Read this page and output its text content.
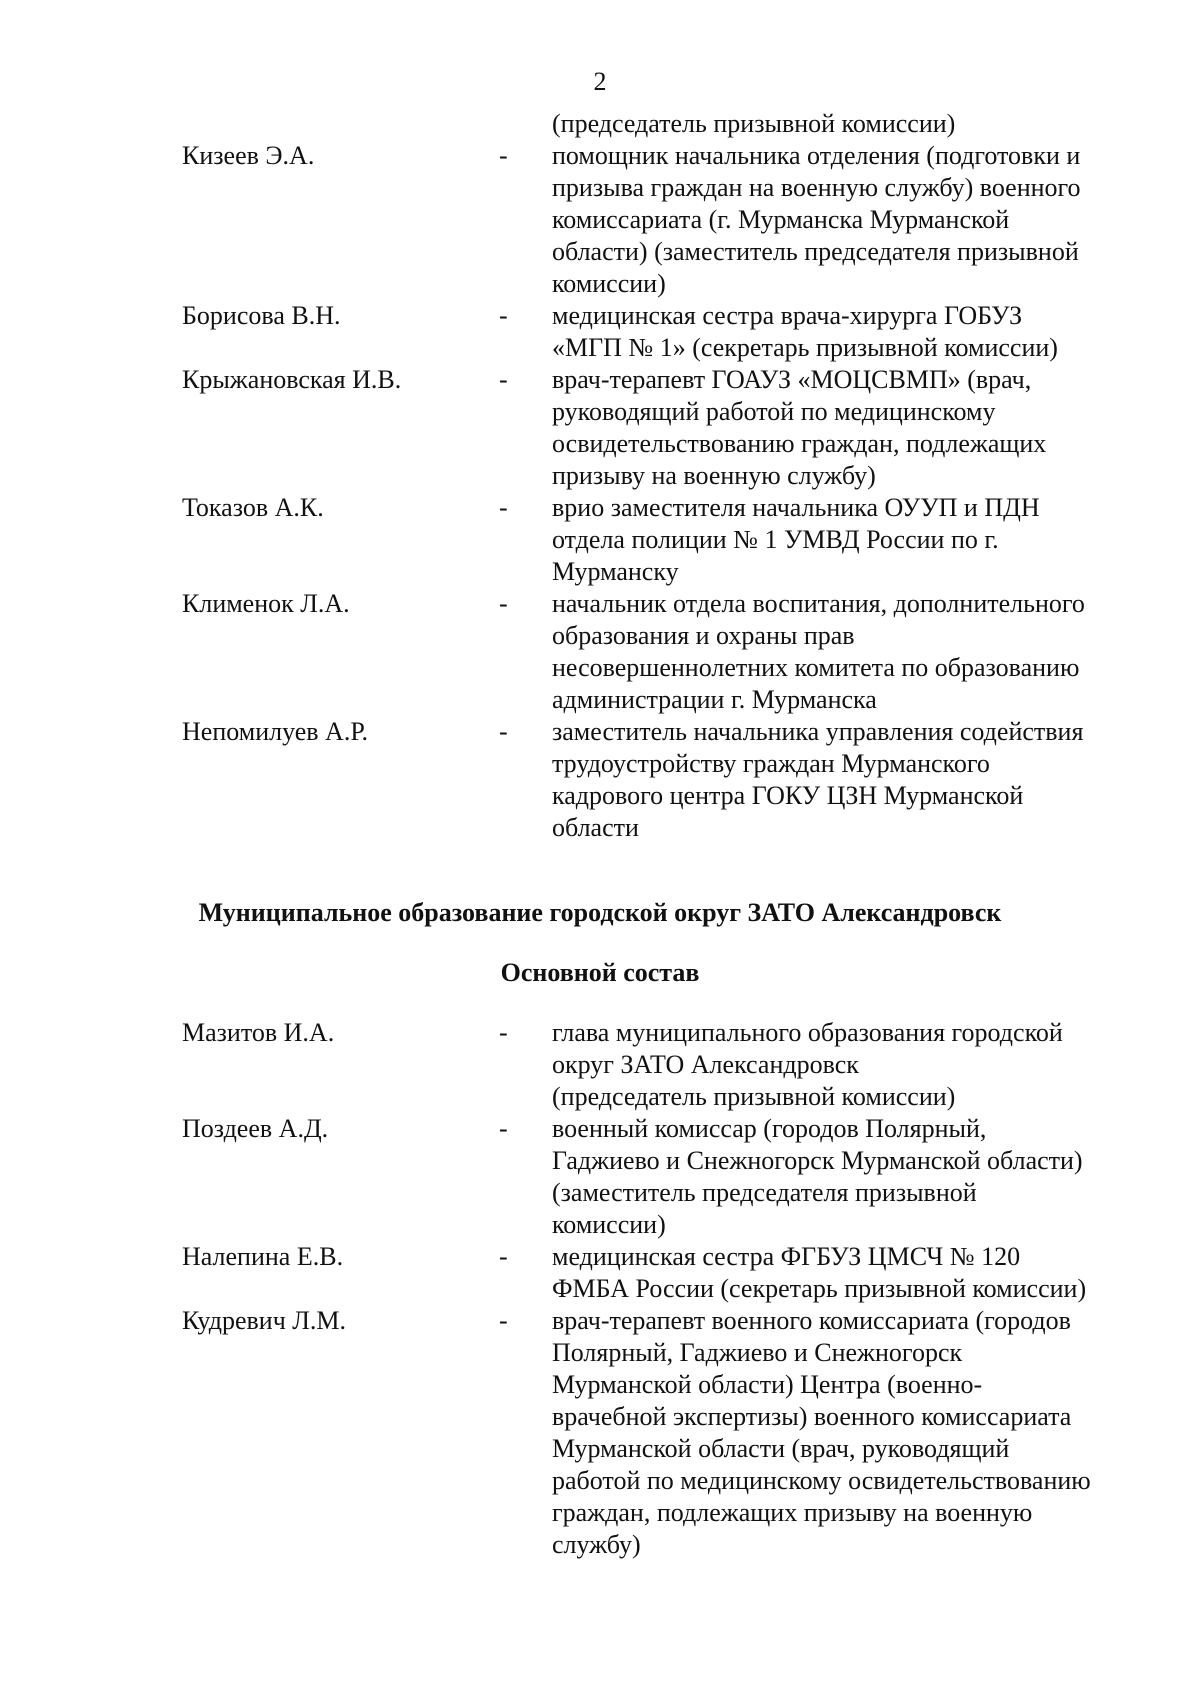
2
(председатель призывной комиссии)
Кизеев Э.А.	- помощник начальника отделения (подготовки и
призыва граждан на военную службу) военного
комиссариата (г. Мурманска Мурманской
области) (заместитель председателя призывной
комиссии)
Борисова В.Н.	- медицинская сестра врача-хирурга ГОБУЗ
«МГП № 1» (секретарь призывной комиссии)
Крыжановская И.В.	- врач-терапевт ГОАУЗ «МОЦСВМП» (врач,
руководящий работой по медицинскому
освидетельствованию граждан, подлежащих
призыву на военную службу)
Токазов А.К.	- врио заместителя начальника ОУУП и ПДН
отдела полиции № 1 УМВД России по г.
Мурманску
Клименок Л.А.	- начальник отдела воспитания, дополнительного
образования и охраны прав
несовершеннолетних комитета по образованию
администрации г. Мурманска
Непомилуев А.Р.	- заместитель начальника управления содействия
трудоустройству граждан Мурманского
кадрового центра ГОКУ ЦЗН Мурманской
области
Муниципальное образование городской округ ЗАТО Александровск
Основной состав
Мазитов И.А.	- глава муниципального образования городской
округ ЗАТО Александровск
(председатель призывной комиссии)
Поздеев А.Д.	- военный комиссар (городов Полярный,
Гаджиево и Снежногорск Мурманской области)
(заместитель председателя призывной
комиссии)
Налепина Е.В.	- медицинская сестра ФГБУЗ ЦМСЧ № 120
ФМБА России (секретарь призывной комиссии)
Кудревич Л.М.	- врач-терапевт военного комиссариата (городов
Полярный, Гаджиево и Снежногорск
Мурманской области) Центра (военно-
врачебной экспертизы) военного комиссариата
Мурманской области (врач, руководящий
работой по медицинскому освидетельствованию
граждан, подлежащих призыву на военную
службу)
